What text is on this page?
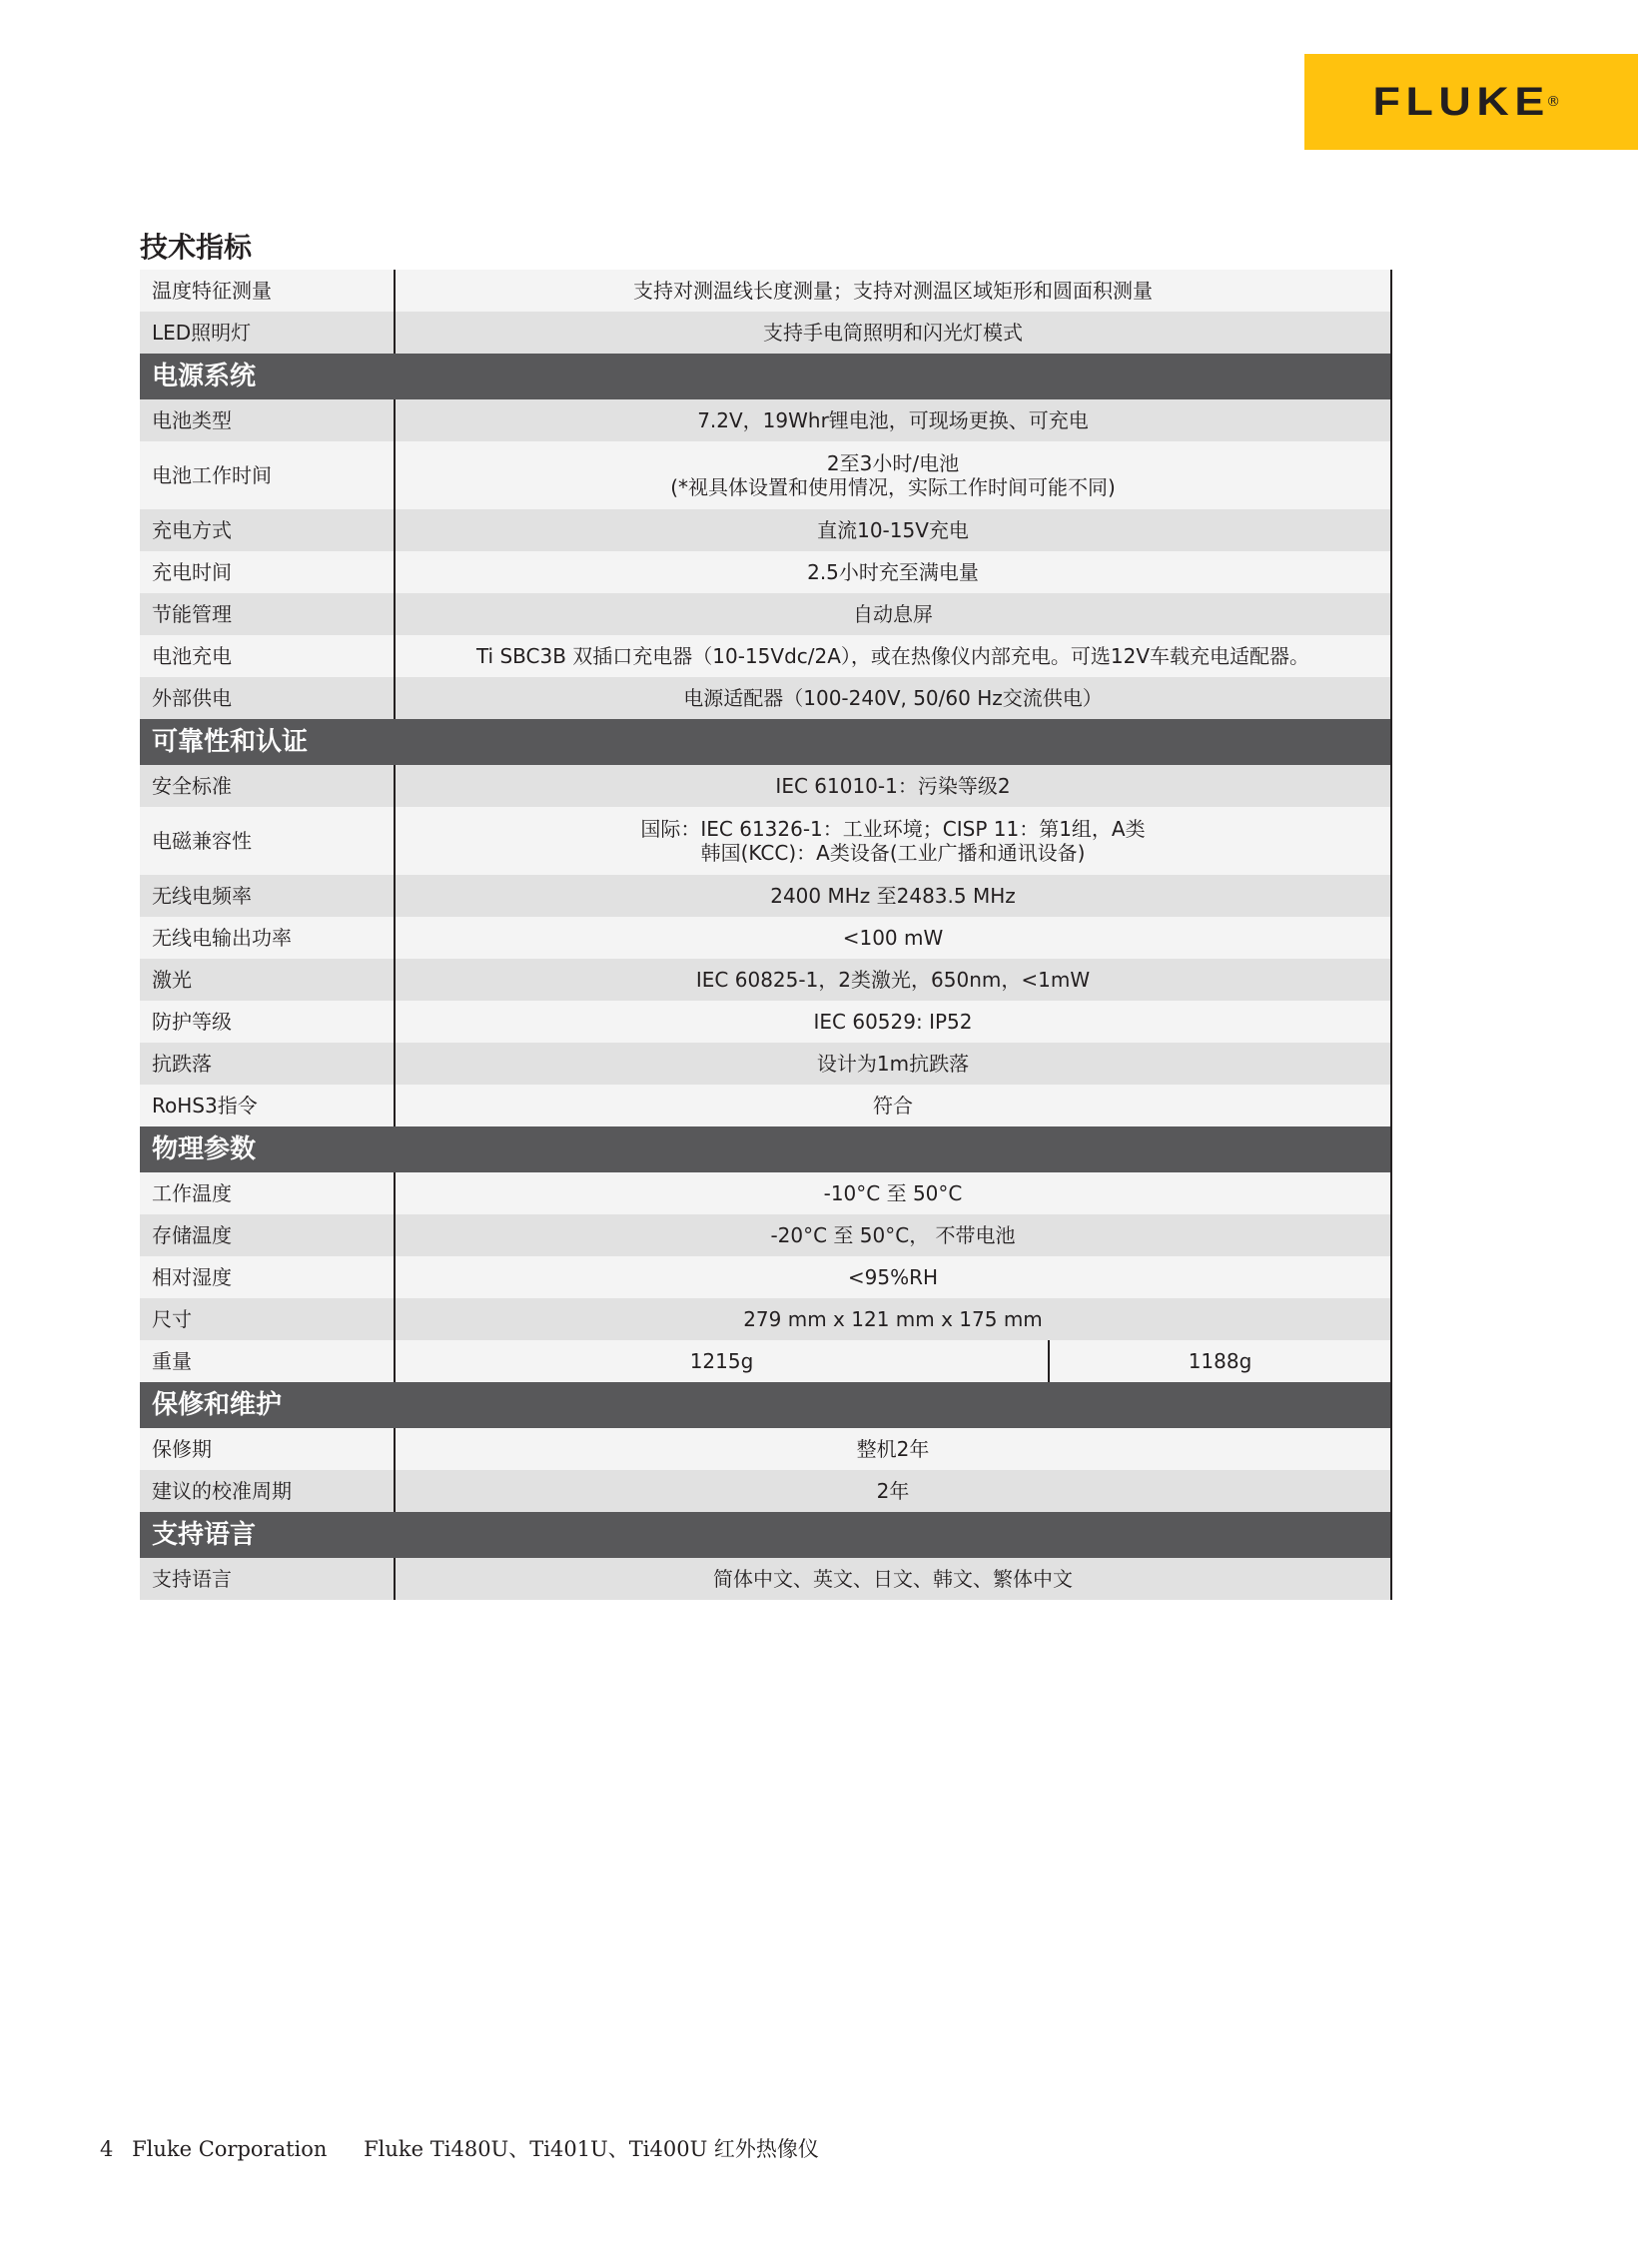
FLUKE
®
技术指标
温度特征测量	支持对测温线长度测量；支持对测温区域矩形和圆面积测量
LED照明灯	支持手电筒照明和闪光灯模式
电源系统
电池类型	7.2V，19Whr锂电池，可现场更换、可充电
电池工作时间	2至3小时/电池
(*视具体设置和使用情况，实际工作时间可能不同)
充电方式	直流10-15V充电
充电时间	2.5小时充至满电量
节能管理	自动息屏
电池充电	Ti SBC3B 双插口充电器（10-15Vdc/2A），或在热像仪内部充电。可选12V车载充电适配器。
外部供电	电源适配器（100-240V, 50/60 Hz交流供电）
可靠性和认证
安全标准	IEC 61010-1：污染等级2
电磁兼容性	国际：IEC 61326-1：工业环境；CISP 11：第1组，A类
韩国(KCC)：A类设备(工业广播和通讯设备)
无线电频率	2400 MHz 至2483.5 MHz
无线电输出功率	<100 mW
激光	IEC 60825-1，2类激光，650nm，<1mW
防护等级	IEC 60529: IP52
抗跌落	设计为1m抗跌落
RoHS3指令	符合
物理参数
工作温度	-10°C 至 50°C
存储温度	-20°C 至 50°C， 不带电池
相对湿度	<95%RH
尺寸	279 mm x 121 mm x 175 mm
重量	1215g	1188g
保修和维护
保修期	整机2年
建议的校准周期	2年
支持语言
支持语言	简体中文、英文、日文、韩文、繁体中文
4 Fluke Corporation Fluke Ti480U、Ti401U、Ti400U 红外热像仪
